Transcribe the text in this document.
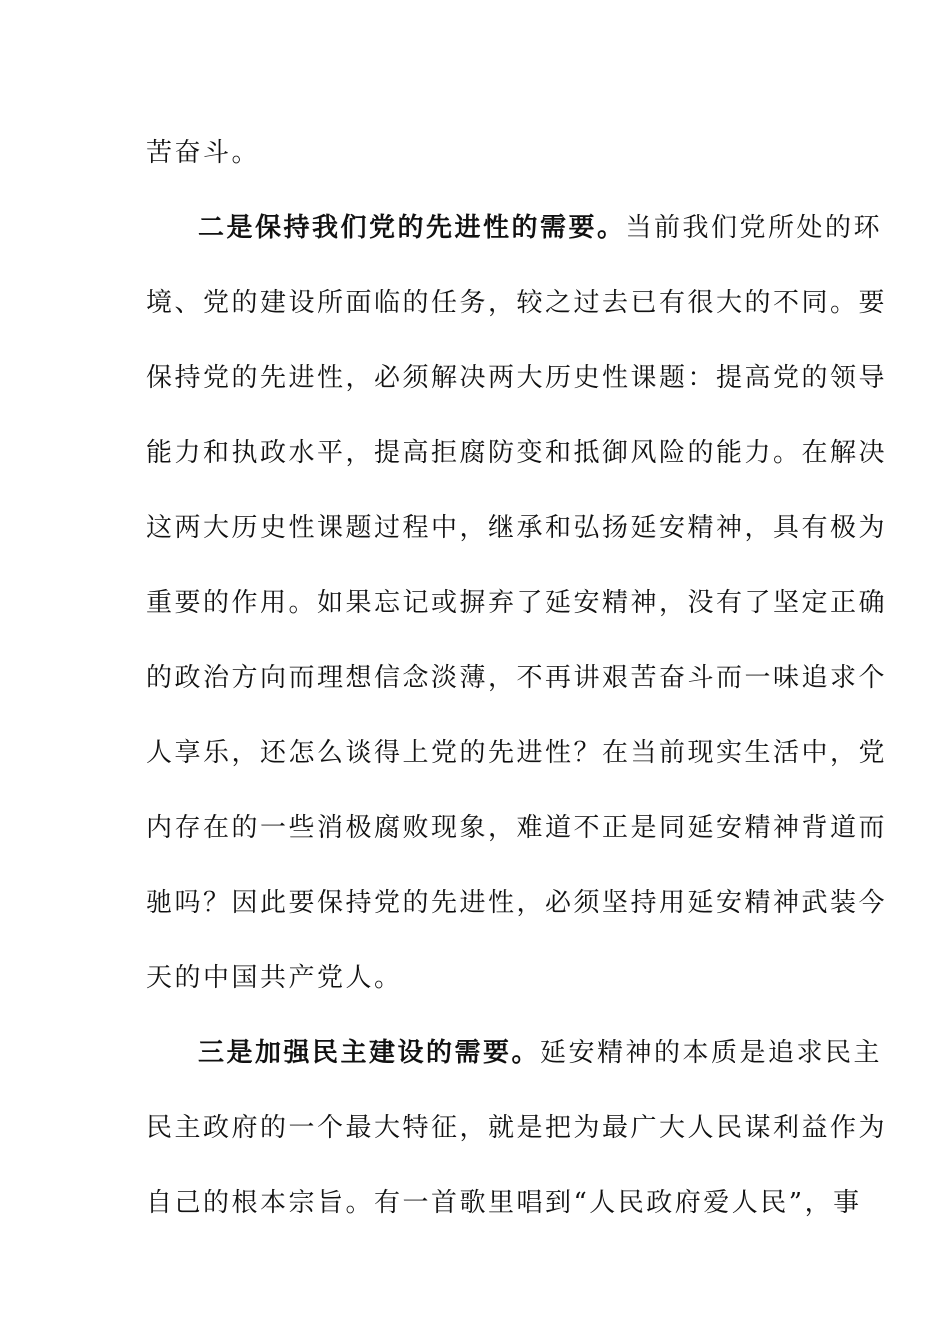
苦奋斗。
二是保持我们党的先进性的需要。当前我们党所处的环
境、党的建设所面临的任务，较之过去已有很大的不同。要
保持党的先进性，必须解决两大历史性课题：提高党的领导
能力和执政水平，提高拒腐防变和抵御风险的能力。在解决
这两大历史性课题过程中，继承和弘扬延安精神，具有极为
重要的作用。如果忘记或摒弃了延安精神，没有了坚定正确
的政治方向而理想信念淡薄，不再讲艰苦奋斗而一味追求个
人享乐，还怎么谈得上党的先进性？在当前现实生活中，党
内存在的一些消极腐败现象，难道不正是同延安精神背道而
驰吗？因此要保持党的先进性，必须坚持用延安精神武装今
天的中国共产党人。
三是加强民主建设的需要。延安精神的本质是追求民主
民主政府的一个最大特征，就是把为最广大人民谋利益作为
自己的根本宗旨。有一首歌里唱到“人民政府爱人民”，事
